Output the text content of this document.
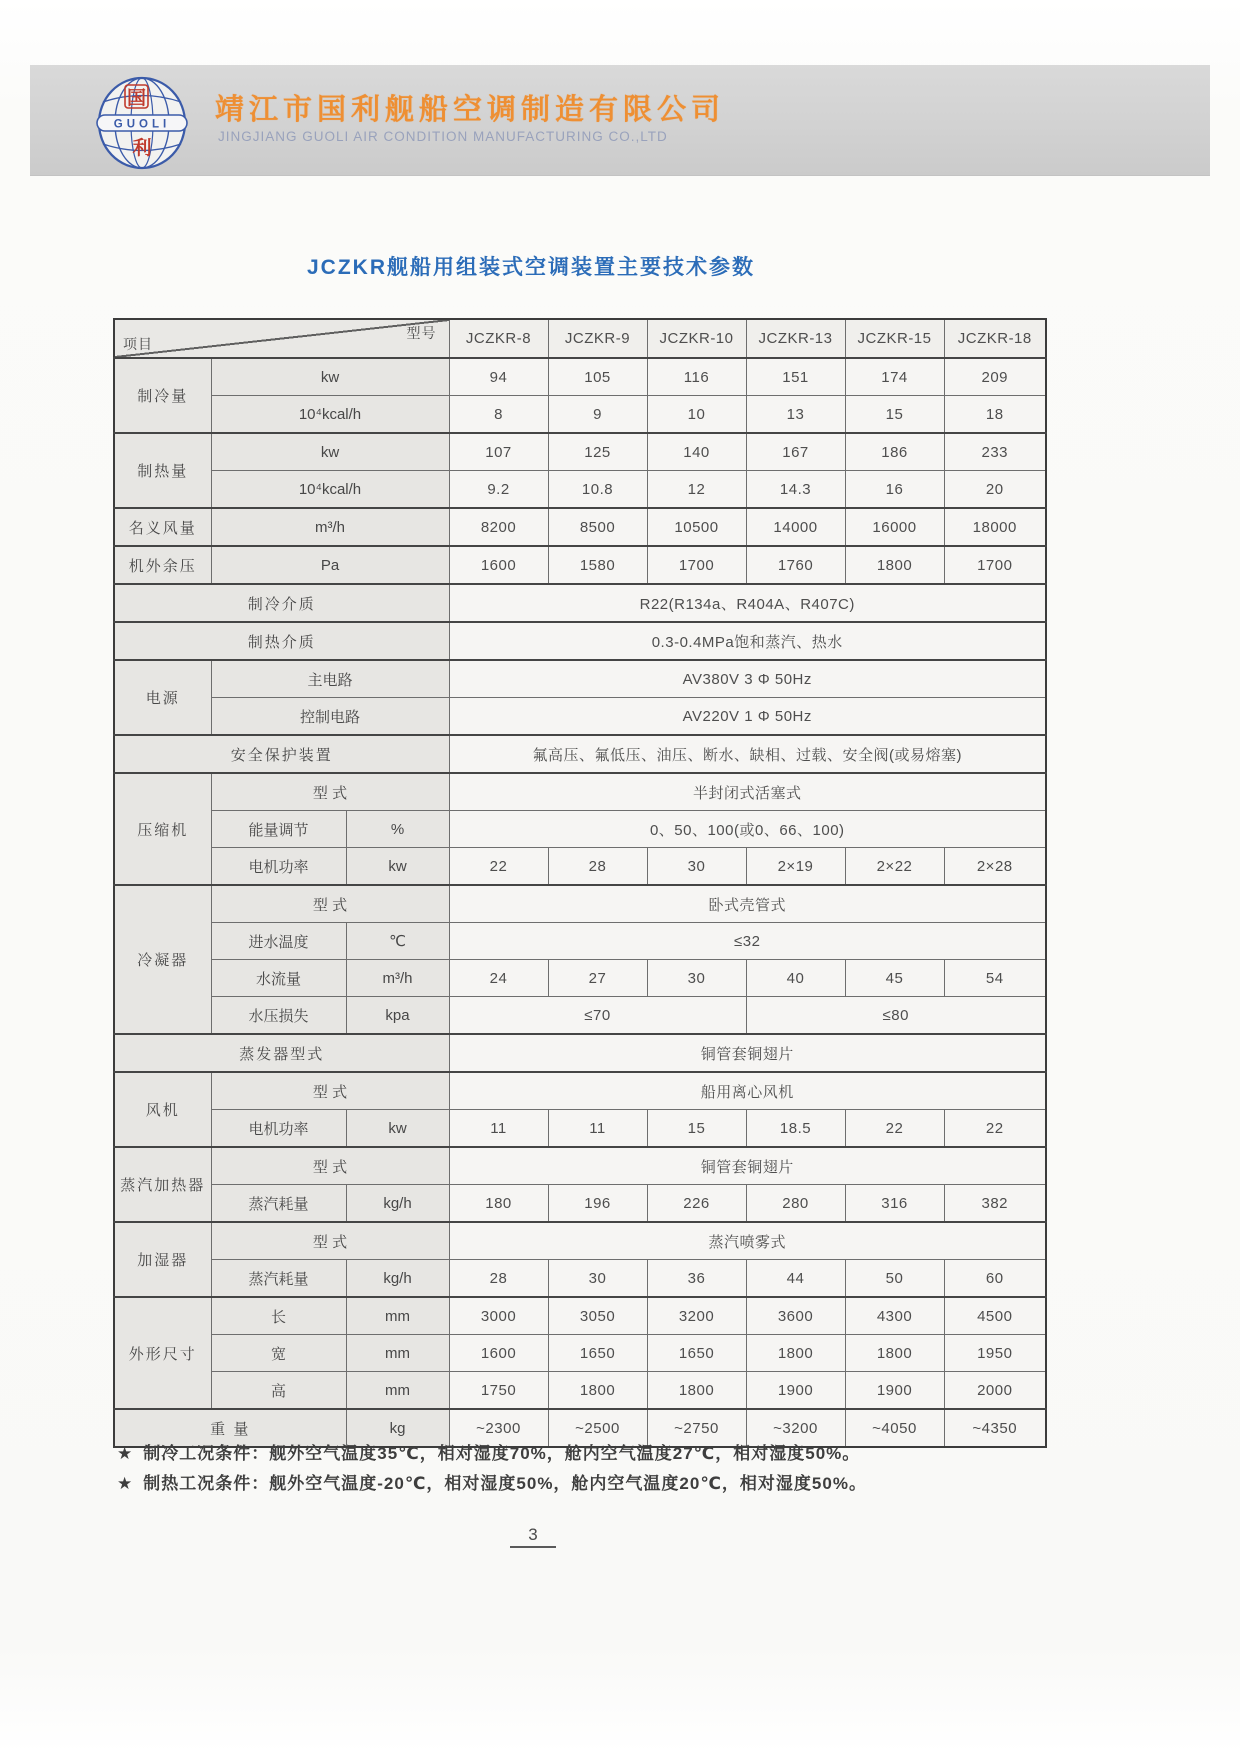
国
GUOLI
利
靖江市国利舰船空调制造有限公司
JINGJIANG GUOLI AIR CONDITION MANUFACTURING CO.,LTD
JCZKR舰船用组装式空调装置主要技术参数
项目
型号			JCZKR-8	JCZKR-9	JCZKR-10	JCZKR-13	JCZKR-15	JCZKR-18
制冷量	kw		94	105	116	151	174	209
	10⁴kcal/h		8	9	10	13	15	18
制热量	kw		107	125	140	167	186	233
	10⁴kcal/h		9.2	10.8	12	14.3	16	20
名义风量	m³/h		8200	8500	10500	14000	16000	18000
机外余压	Pa		1600	1580	1700	1760	1800	1700
制冷介质			R22(R134a、R404A、R407C)					
制热介质			0.3-0.4MPa饱和蒸汽、热水					
电源	主电路		AV380V 3 Φ 50Hz					
	控制电路		AV220V 1 Φ 50Hz					
安全保护装置			氟高压、氟低压、油压、断水、缺相、过载、安全阀(或易熔塞)					
压缩机	型 式		半封闭式活塞式					
	能量调节	%	0、50、100(或0、66、100)					
	电机功率	kw	22	28	30	2×19	2×22	2×28
冷凝器	型 式		卧式壳管式					
	进水温度	℃	≤32					
	水流量	m³/h	24	27	30	40	45	54
	水压损失	kpa	≤70			≤80		
蒸发器型式			铜管套铜翅片					
风机	型 式		船用离心风机					
	电机功率	kw	11	11	15	18.5	22	22
蒸汽加热器	型 式		铜管套铜翅片					
	蒸汽耗量	kg/h	180	196	226	280	316	382
加湿器	型 式		蒸汽喷雾式					
	蒸汽耗量	kg/h	28	30	36	44	50	60
外形尺寸	长	mm	3000	3050	3200	3600	4300	4500
	宽	mm	1600	1650	1650	1800	1800	1950
	高	mm	1750	1800	1800	1900	1900	2000
重 量		kg	~2300	~2500	~2750	~3200	~4050	~4350
★ 制冷工况条件：舰外空气温度35℃，相对湿度70%，舱内空气温度27℃，相对湿度50%。
★ 制热工况条件：舰外空气温度-20℃，相对湿度50%，舱内空气温度20℃，相对湿度50%。
3
